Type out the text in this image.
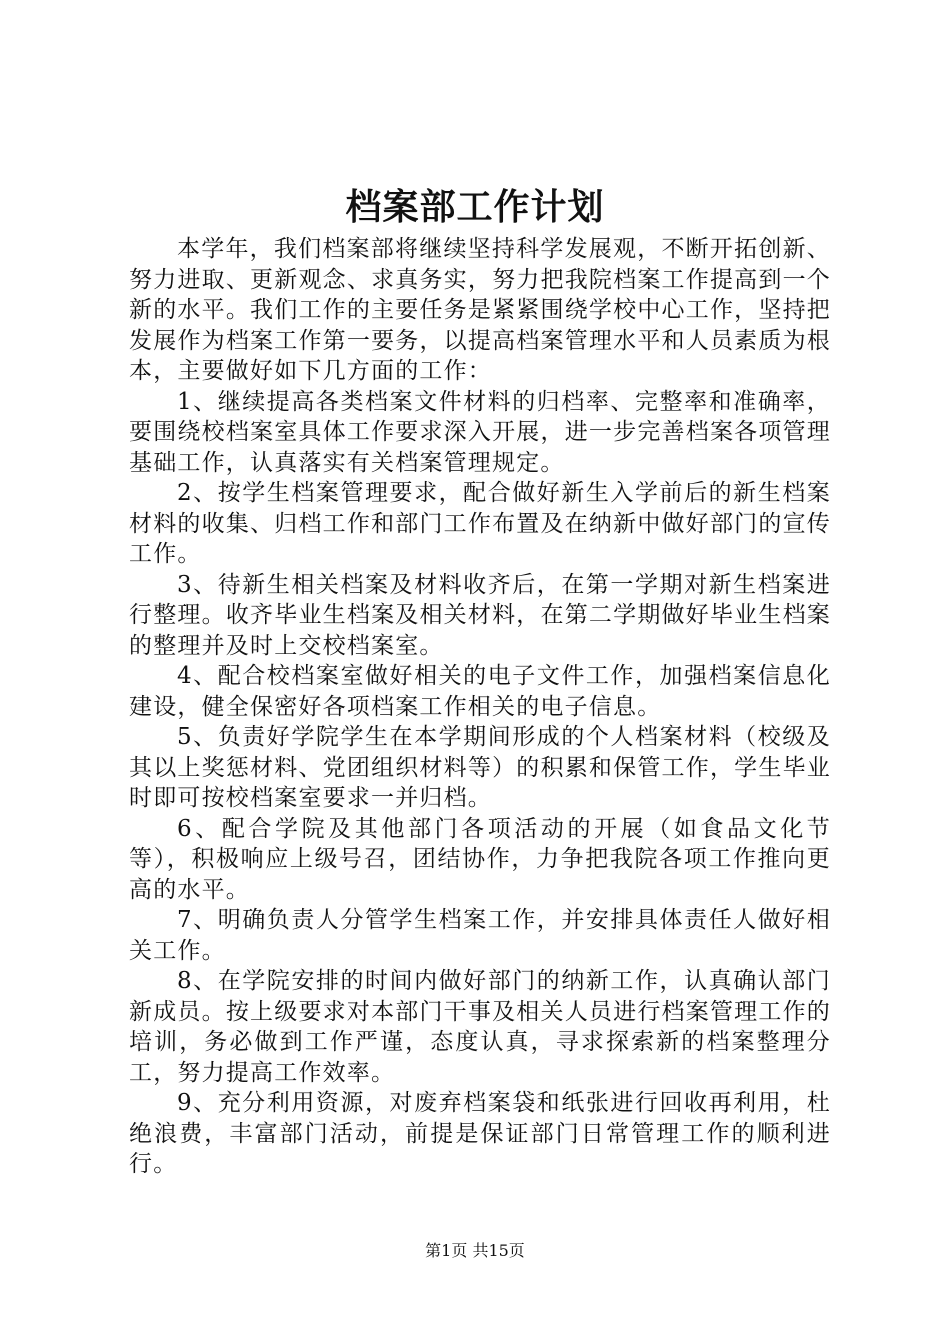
档案部工作计划

本学年，我们档案部将继续坚持科学发展观，不断开拓创新、努力进取、更新观念、求真务实，努力把我院档案工作提高到一个新的水平。我们工作的主要任务是紧紧围绕学校中心工作，坚持把发展作为档案工作第一要务，以提高档案管理水平和人员素质为根本，主要做好如下几方面的工作：

1、继续提高各类档案文件材料的归档率、完整率和准确率，要围绕校档案室具体工作要求深入开展，进一步完善档案各项管理基础工作，认真落实有关档案管理规定。

2、按学生档案管理要求，配合做好新生入学前后的新生档案材料的收集、归档工作和部门工作布置及在纳新中做好部门的宣传工作。

3、待新生相关档案及材料收齐后，在第一学期对新生档案进行整理。收齐毕业生档案及相关材料，在第二学期做好毕业生档案的整理并及时上交校档案室。

4、配合校档案室做好相关的电子文件工作，加强档案信息化建设，健全保密好各项档案工作相关的电子信息。

5、负责好学院学生在本学期间形成的个人档案材料（校级及其以上奖惩材料、党团组织材料等）的积累和保管工作，学生毕业时即可按校档案室要求一并归档。

6、配合学院及其他部门各项活动的开展（如食品文化节等），积极响应上级号召，团结协作，力争把我院各项工作推向更高的水平。

7、明确负责人分管学生档案工作，并安排具体责任人做好相关工作。

8、在学院安排的时间内做好部门的纳新工作，认真确认部门新成员。按上级要求对本部门干事及相关人员进行档案管理工作的培训，务必做到工作严谨，态度认真，寻求探索新的档案整理分工，努力提高工作效率。

9、充分利用资源，对废弃档案袋和纸张进行回收再利用，杜绝浪费，丰富部门活动，前提是保证部门日常管理工作的顺利进行。

第1页 共15页
